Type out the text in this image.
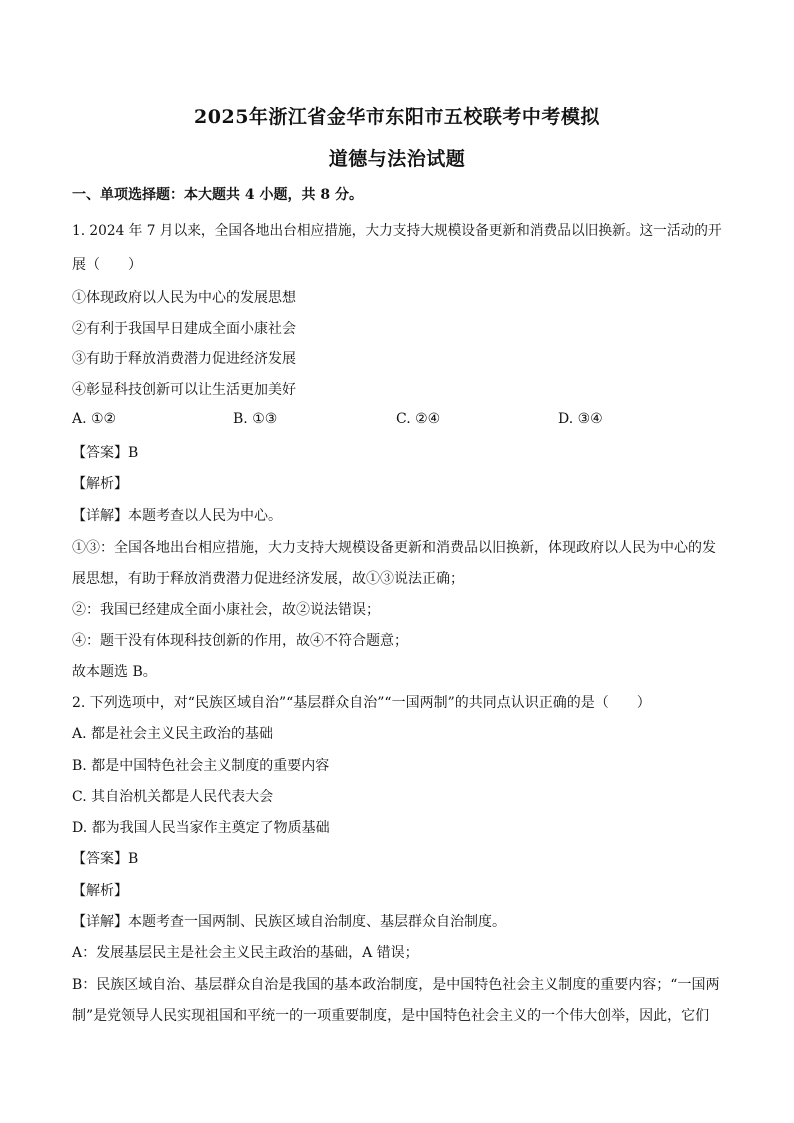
2025年浙江省金华市东阳市五校联考中考模拟
道德与法治试题
一、单项选择题：本大题共 4 小题，共 8 分。
1. 2024 年 7 月以来，全国各地出台相应措施，大力支持大规模设备更新和消费品以旧换新。这一活动的开
展（　　）
①体现政府以人民为中心的发展思想
②有利于我国早日建成全面小康社会
③有助于释放消费潜力促进经济发展
④彰显科技创新可以让生活更加美好
A. ①②	B. ①③	C. ②④	D. ③④
【答案】B
【解析】
【详解】本题考查以人民为中心。
①③：全国各地出台相应措施，大力支持大规模设备更新和消费品以旧换新，体现政府以人民为中心的发
展思想，有助于释放消费潜力促进经济发展，故①③说法正确；
②：我国已经建成全面小康社会，故②说法错误；
④：题干没有体现科技创新的作用，故④不符合题意；
故本题选 B。
2. 下列选项中，对“民族区域自治”“基层群众自治”“一国两制”的共同点认识正确的是（　　）
A. 都是社会主义民主政治的基础
B. 都是中国特色社会主义制度的重要内容
C. 其自治机关都是人民代表大会
D. 都为我国人民当家作主奠定了物质基础
【答案】B
【解析】
【详解】本题考查一国两制、民族区域自治制度、基层群众自治制度。
A：发展基层民主是社会主义民主政治的基础，A 错误；
B：民族区域自治、基层群众自治是我国的基本政治制度，是中国特色社会主义制度的重要内容；“一国两
制”是党领导人民实现祖国和平统一的一项重要制度，是中国特色社会主义的一个伟大创举，因此，它们
